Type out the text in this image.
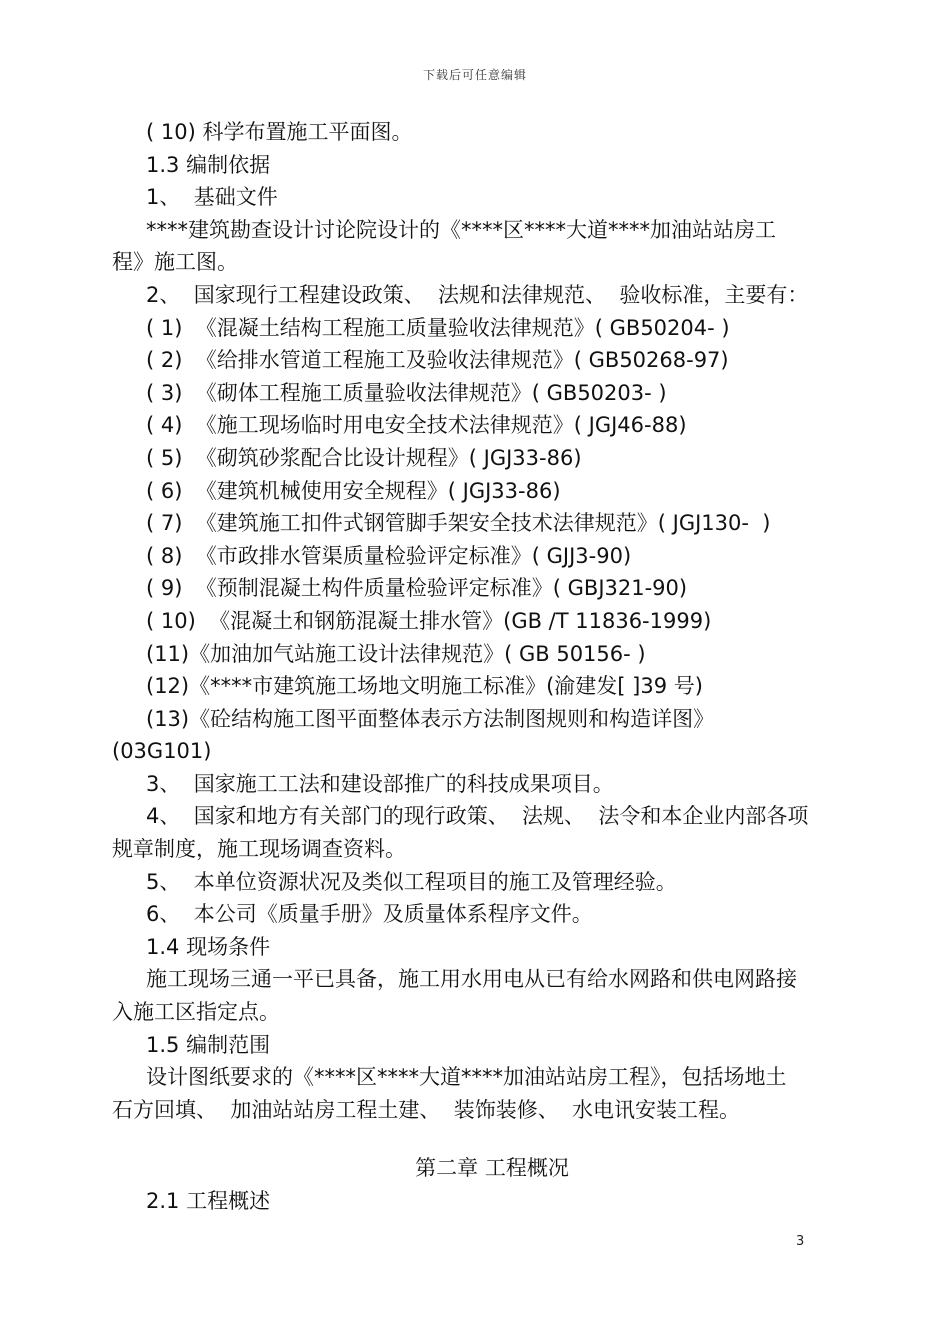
下载后可任意编辑

( 10) 科学布置施工平面图。

1.3 编制依据

1、  基础文件

****建筑勘查设计讨论院设计的《****区****大道****加油站站房工

程》施工图。

2、  国家现行工程建设政策、  法规和法律规范、  验收标准，主要有：

( 1)  《混凝土结构工程施工质量验收法律规范》( GB50204- )

( 2)  《给排水管道工程施工及验收法律规范》( GB50268-97)

( 3)  《砌体工程施工质量验收法律规范》( GB50203- )

( 4)  《施工现场临时用电安全技术法律规范》( JGJ46-88)

( 5)  《砌筑砂浆配合比设计规程》( JGJ33-86)

( 6)  《建筑机械使用安全规程》( JGJ33-86)

( 7)  《建筑施工扣件式钢管脚手架安全技术法律规范》( JGJ130-  )

( 8)  《市政排水管渠质量检验评定标准》( GJJ3-90)

( 9)  《预制混凝土构件质量检验评定标准》( GBJ321-90)

( 10)  《混凝土和钢筋混凝土排水管》(GB /T 11836-1999)

(11)《加油加气站施工设计法律规范》( GB 50156- )

(12)《****市建筑施工场地文明施工标准》(渝建发[ ]39 号)

(13)《砼结构施工图平面整体表示方法制图规则和构造详图》

(03G101)

3、  国家施工工法和建设部推广的科技成果项目。

4、  国家和地方有关部门的现行政策、  法规、  法令和本企业内部各项

规章制度，施工现场调查资料。

5、  本单位资源状况及类似工程项目的施工及管理经验。

6、  本公司《质量手册》及质量体系程序文件。

1.4 现场条件

施工现场三通一平已具备，施工用水用电从已有给水网路和供电网路接

入施工区指定点。

1.5 编制范围

设计图纸要求的《****区****大道****加油站站房工程》，包括场地土

石方回填、  加油站站房工程土建、  装饰装修、  水电讯安装工程。

第二章 工程概况

2.1 工程概述

3
